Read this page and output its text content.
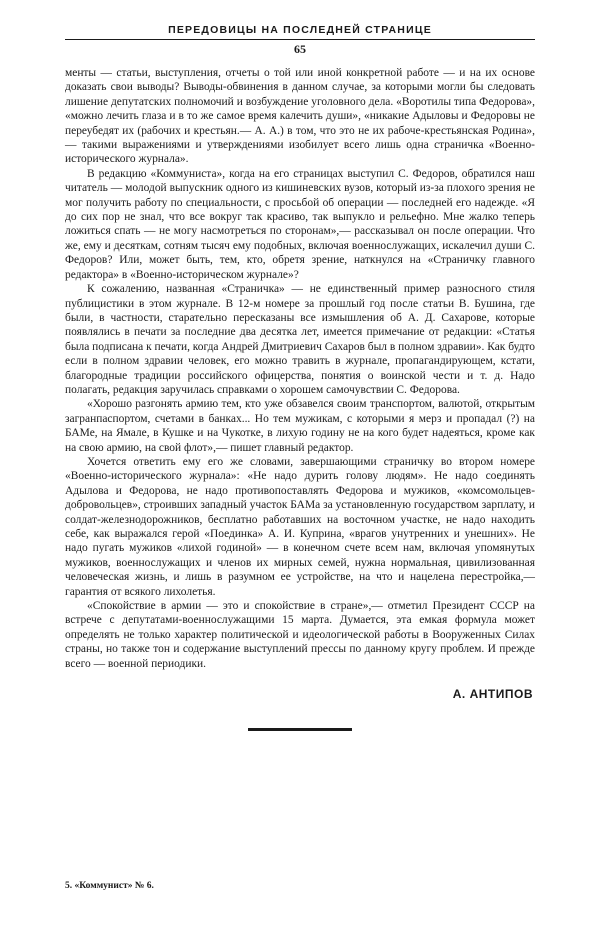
ПЕРЕДОВИЦЫ НА ПОСЛЕДНЕЙ СТРАНИЦЕ
65

менты — статьи, выступления, отчеты о той или иной конкретной работе — и на их основе доказать свои выводы? Выводы-обвинения в данном случае, за которыми могли бы следовать лишение депутатских полномочий и возбуждение уголовного дела. «Воротилы типа Федорова», «можно лечить глаза и в то же самое время калечить души», «никакие Адыловы и Федоровы не переубедят их (рабочих и крестьян.— А. А.) в том, что это не их рабоче-крестьянская Родина»,— такими выражениями и утверждениями изобилует всего лишь одна страничка «Военно-исторического журнала».

В редакцию «Коммуниста», когда на его страницах выступил С. Федоров, обратился наш читатель — молодой выпускник одного из кишиневских вузов, который из-за плохого зрения не мог получить работу по специальности, с просьбой об операции — последней его надежде. «Я до сих пор не знал, что все вокруг так красиво, так выпукло и рельефно. Мне жалко теперь ложиться спать — не могу насмотреться по сторонам»,— рассказывал он после операции. Что же, ему и десяткам, сотням тысяч ему подобных, включая военнослужащих, искалечил души С. Федоров? Или, может быть, тем, кто, обретя зрение, наткнулся на «Страничку главного редактора» в «Военно-историческом журнале»?

К сожалению, названная «Страничка» — не единственный пример разносного стиля публицистики в этом журнале. В 12-м номере за прошлый год после статьи В. Бушина, где были, в частности, старательно пересказаны все измышления об А. Д. Сахарове, которые появлялись в печати за последние два десятка лет, имеется примечание от редакции: «Статья была подписана к печати, когда Андрей Дмитриевич Сахаров был в полном здравии». Как будто если в полном здравии человек, его можно травить в журнале, пропагандирующем, кстати, благородные традиции российского офицерства, понятия о воинской чести и т. д. Надо полагать, редакция заручилась справками о хорошем самочувствии С. Федорова.

«Хорошо разгонять армию тем, кто уже обзавелся своим транспортом, валютой, открытым загранпаспортом, счетами в банках... Но тем мужикам, с которыми я мерз и пропадал (?) на БАМе, на Ямале, в Кушке и на Чукотке, в лихую годину не на кого будет надеяться, кроме как на свою армию, на свой флот»,— пишет главный редактор.

Хочется ответить ему его же словами, завершающими страничку во втором номере «Военно-исторического журнала»: «Не надо дурить голову людям». Не надо соединять Адылова и Федорова, не надо противопоставлять Федорова и мужиков, «комсомольцев-добровольцев», строивших западный участок БАМа за установленную государством зарплату, и солдат-железнодорожников, бесплатно работавших на восточном участке, не надо находить себе, как выражался герой «Поединка» А. И. Куприна, «врагов унутренних и унешних». Не надо пугать мужиков «лихой годиной» — в конечном счете всем нам, включая упомянутых мужиков, военнослужащих и членов их мирных семей, нужна нормальная, цивилизованная человеческая жизнь, и лишь в разумном ее устройстве, на что и нацелена перестройка,— гарантия от всякого лихолетья.

«Спокойствие в армии — это и спокойствие в стране»,— отметил Президент СССР на встрече с депутатами-военнослужащими 15 марта. Думается, эта емкая формула может определять не только характер политической и идеологической работы в Вооруженных Силах страны, но также тон и содержание выступлений прессы по данному кругу проблем. И прежде всего — военной периодики.

А. АНТИПОВ
5. «Коммунист» № 6.
